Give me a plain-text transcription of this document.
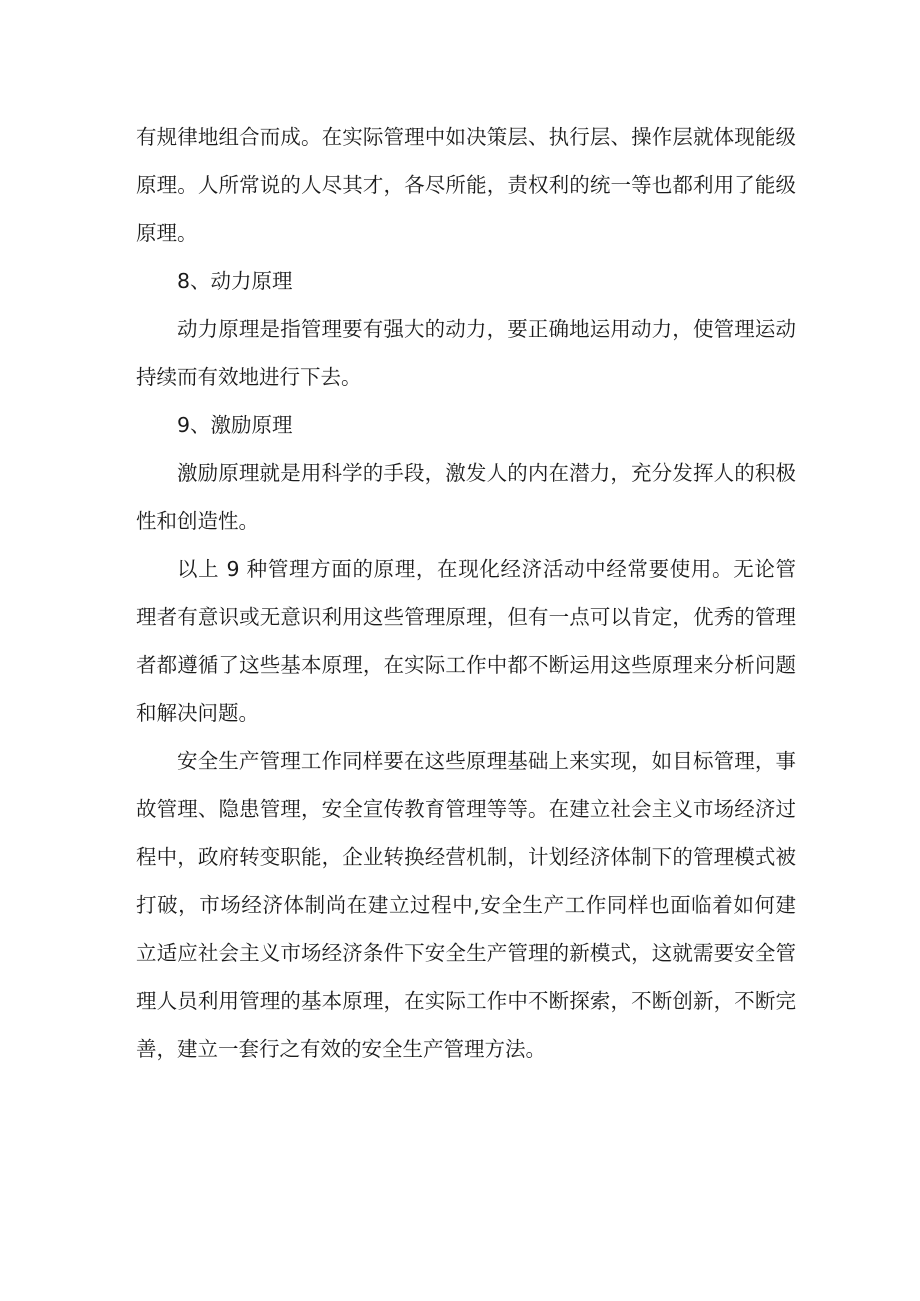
有规律地组合而成。在实际管理中如决策层、执行层、操作层就体现能级原理。人所常说的人尽其才，各尽所能，责权利的统一等也都利用了能级原理。

8、动力原理

动力原理是指管理要有强大的动力，要正确地运用动力，使管理运动持续而有效地进行下去。

9、激励原理

激励原理就是用科学的手段，激发人的内在潜力，充分发挥人的积极性和创造性。

以上 9 种管理方面的原理，在现化经济活动中经常要使用。无论管理者有意识或无意识利用这些管理原理，但有一点可以肯定，优秀的管理者都遵循了这些基本原理，在实际工作中都不断运用这些原理来分析问题和解决问题。

安全生产管理工作同样要在这些原理基础上来实现，如目标管理，事故管理、隐患管理，安全宣传教育管理等等。在建立社会主义市场经济过程中，政府转变职能，企业转换经营机制，计划经济体制下的管理模式被打破，市场经济体制尚在建立过程中,安全生产工作同样也面临着如何建立适应社会主义市场经济条件下安全生产管理的新模式，这就需要安全管理人员利用管理的基本原理，在实际工作中不断探索，不断创新，不断完善，建立一套行之有效的安全生产管理方法。
